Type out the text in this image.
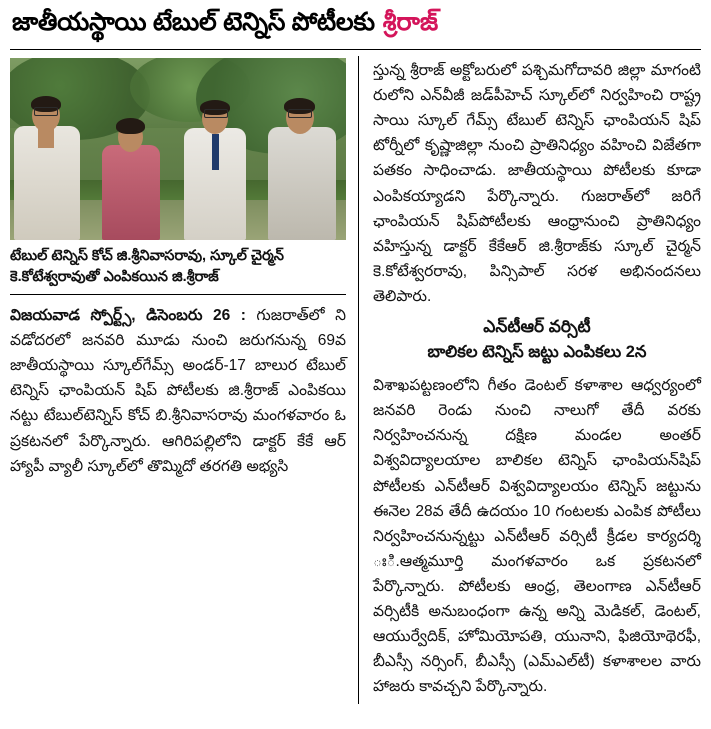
జాతీయస్థాయి టేబుల్ టెన్నిస్ పోటీలకు శ్రీరాజ్
టేబుల్ టెన్నిస్ కోచ్ జి.శ్రీనివాసరావు, స్కూల్ చైర్మన్ కె.కోటేశ్వరావుతో ఎంపికయిన జి.శ్రీరాజ్

విజయవాడ స్పోర్ట్స్, డిసెంబరు 26 : గుజరాత్‌లో ని వడోదరలో జనవరి మూడు నుంచి జరుగనున్న 69వ జాతీయస్థాయి స్కూల్‌గేమ్స్ అండర్-17 బాలుర టేబుల్ టెన్నిస్ ఛాంపియన్ షిప్ పోటీలకు జి.శ్రీరాజ్ ఎంపికయి నట్టు టేబుల్‌టెన్నిస్ కోచ్ బి.శ్రీనివాసరావు మంగళవారం ఓ ప్రకటనలో పేర్కొన్నారు. ఆగిరిపల్లిలోని డాక్టర్ కేకే ఆర్ హ్యాపీ వ్యాలీ స్కూల్‌లో తొమ్మిదో తరగతి అభ్యసి

స్తున్న శ్రీరాజ్ అక్టోబరులో పశ్చిమగోదావరి జిల్లా మాగంటి రులోని ఎన్‌వీజీ జడ్‌పీహెచ్ స్కూల్‌లో నిర్వహించి రాష్ట్ర సాయి స్కూల్ గేమ్స్ టేబుల్ టెన్నిస్ ఛాంపియన్ షిప్ టోర్నీలో కృష్ణాజిల్లా నుంచి ప్రాతినిధ్యం వహించి విజేతగా పతకం సాధించాడు. జాతీయస్థాయి పోటీలకు కూడా ఎంపికయ్యాడని పేర్కొన్నారు. గుజరాత్‌లో జరిగే ఛాంపియన్ షిప్‌పోటీలకు ఆంధ్రానుంచి ప్రాతినిధ్యం వహిస్తున్న డాక్టర్ కేకేఆర్ జి.శ్రీరాజ్‌కు స్కూల్ చైర్మన్ కె.కోటేశ్వరరావు, పిన్సిపాల్ సరళ అభినందనలు తెలిపారు.

ఎన్‌టీఆర్ వర్సిటీ
బాలికల టెన్నిస్ జట్టు ఎంపికలు 2న

విశాఖపట్టణంలోని గీతం డెంటల్ కళాశాల ఆధ్వర్యంలో జనవరి రెండు నుంచి నాలుగో తేదీ వరకు నిర్వహించనున్న దక్షిణ మండల అంతర్ విశ్వవిద్యాలయాల బాలికల టెన్నిస్ ఛాంపియన్‌షిప్ పోటీలకు ఎన్‌టీఆర్ విశ్వవిద్యాలయం టెన్నిస్ జట్టును ఈనెల 28వ తేదీ ఉదయం 10 గంటలకు ఎంపిక పోటీలు నిర్వహించనున్నట్టు ఎన్‌టీఆర్ వర్సిటీ క్రీడల కార్యదర్శి ఃి.ఆత్మమూర్తి మంగళవారం ఒక ప్రకటనలో పేర్కొన్నారు. పోటీలకు ఆంధ్ర, తెలంగాణ ఎన్‌టీఆర్ వర్సిటీకి అనుబంధంగా ఉన్న అన్ని మెడికల్, డెంటల్, ఆయుర్వేదిక్, హోమియోపతి, యునాని, ఫిజియోథెరఫీ, బీఎస్సీ నర్సింగ్, బీఎస్సీ (ఎమ్‌ఎల్‌టీ) కళాశాలల వారు హాజరు కావచ్చని పేర్కొన్నారు.
